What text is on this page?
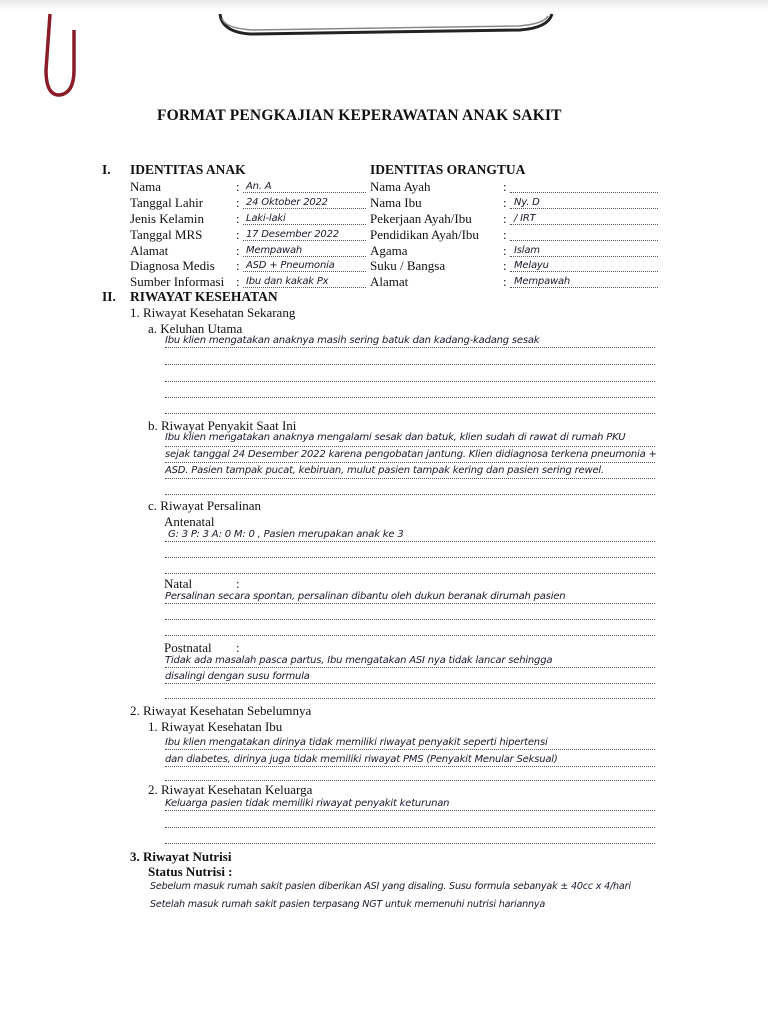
FORMAT PENGKAJIAN KEPERAWATAN ANAK SAKIT
I. IDENTITAS ANAK	IDENTITAS ORANGTUA
Nama	: An. A
Tanggal Lahir	: 24 Oktober 2022
Jenis Kelamin : Laki-laki
Tanggal MRS	: 17 Desember 2022
Alamat	: Mempawah
Diagnosa Medis : ASD + Pneumonia
Sumber Informasi : Ibu dan kakak Px
Nama Ayah	:
Nama Ibu	: Ny. D
Pekerjaan Ayah/Ibu : / IRT
Pendidikan Ayah/Ibu :
Agama	: Islam
Suku / Bangsa	: Melayu
Alamat	: Mempawah
II. RIWAYAT KESEHATAN
1. Riwayat Kesehatan Sekarang
a. Keluhan Utama
Ibu klien mengatakan anaknya masih sering batuk dan kadang-kadang sesak
b. Riwayat Penyakit Saat Ini
Ibu klien mengatakan anaknya mengalami sesak dan batuk, klien sudah di rawat di rumah PKU
sejak tanggal 24 Desember 2022 karena pengobatan jantung. Klien didiagnosa terkena pneumonia +
ASD. Pasien tampak pucat, kebiruan, mulut pasien tampak kering dan pasien sering rewel.
c. Riwayat Persalinan
Antenatal
G: 3 P: 3 A: 0 M: 0 , Pasien merupakan anak ke 3
Natal	:
Persalinan secara spontan, persalinan dibantu oleh dukun beranak dirumah pasien
Postnatal :
Tidak ada masalah pasca partus, Ibu mengatakan ASI nya tidak lancar sehingga
disalingi dengan susu formula
2. Riwayat Kesehatan Sebelumnya
1. Riwayat Kesehatan Ibu
Ibu klien mengatakan dirinya tidak memiliki riwayat penyakit seperti hipertensi
dan diabetes, dirinya juga tidak memiliki riwayat PMS (Penyakit Menular Seksual)
2. Riwayat Kesehatan Keluarga
Keluarga pasien tidak memiliki riwayat penyakit keturunan
3. Riwayat Nutrisi
Status Nutrisi :
Sebelum masuk rumah sakit pasien diberikan ASI yang disaling. Susu formula sebanyak ± 40cc x 4/hari
Setelah masuk rumah sakit pasien terpasang NGT untuk memenuhi nutrisi hariannya
